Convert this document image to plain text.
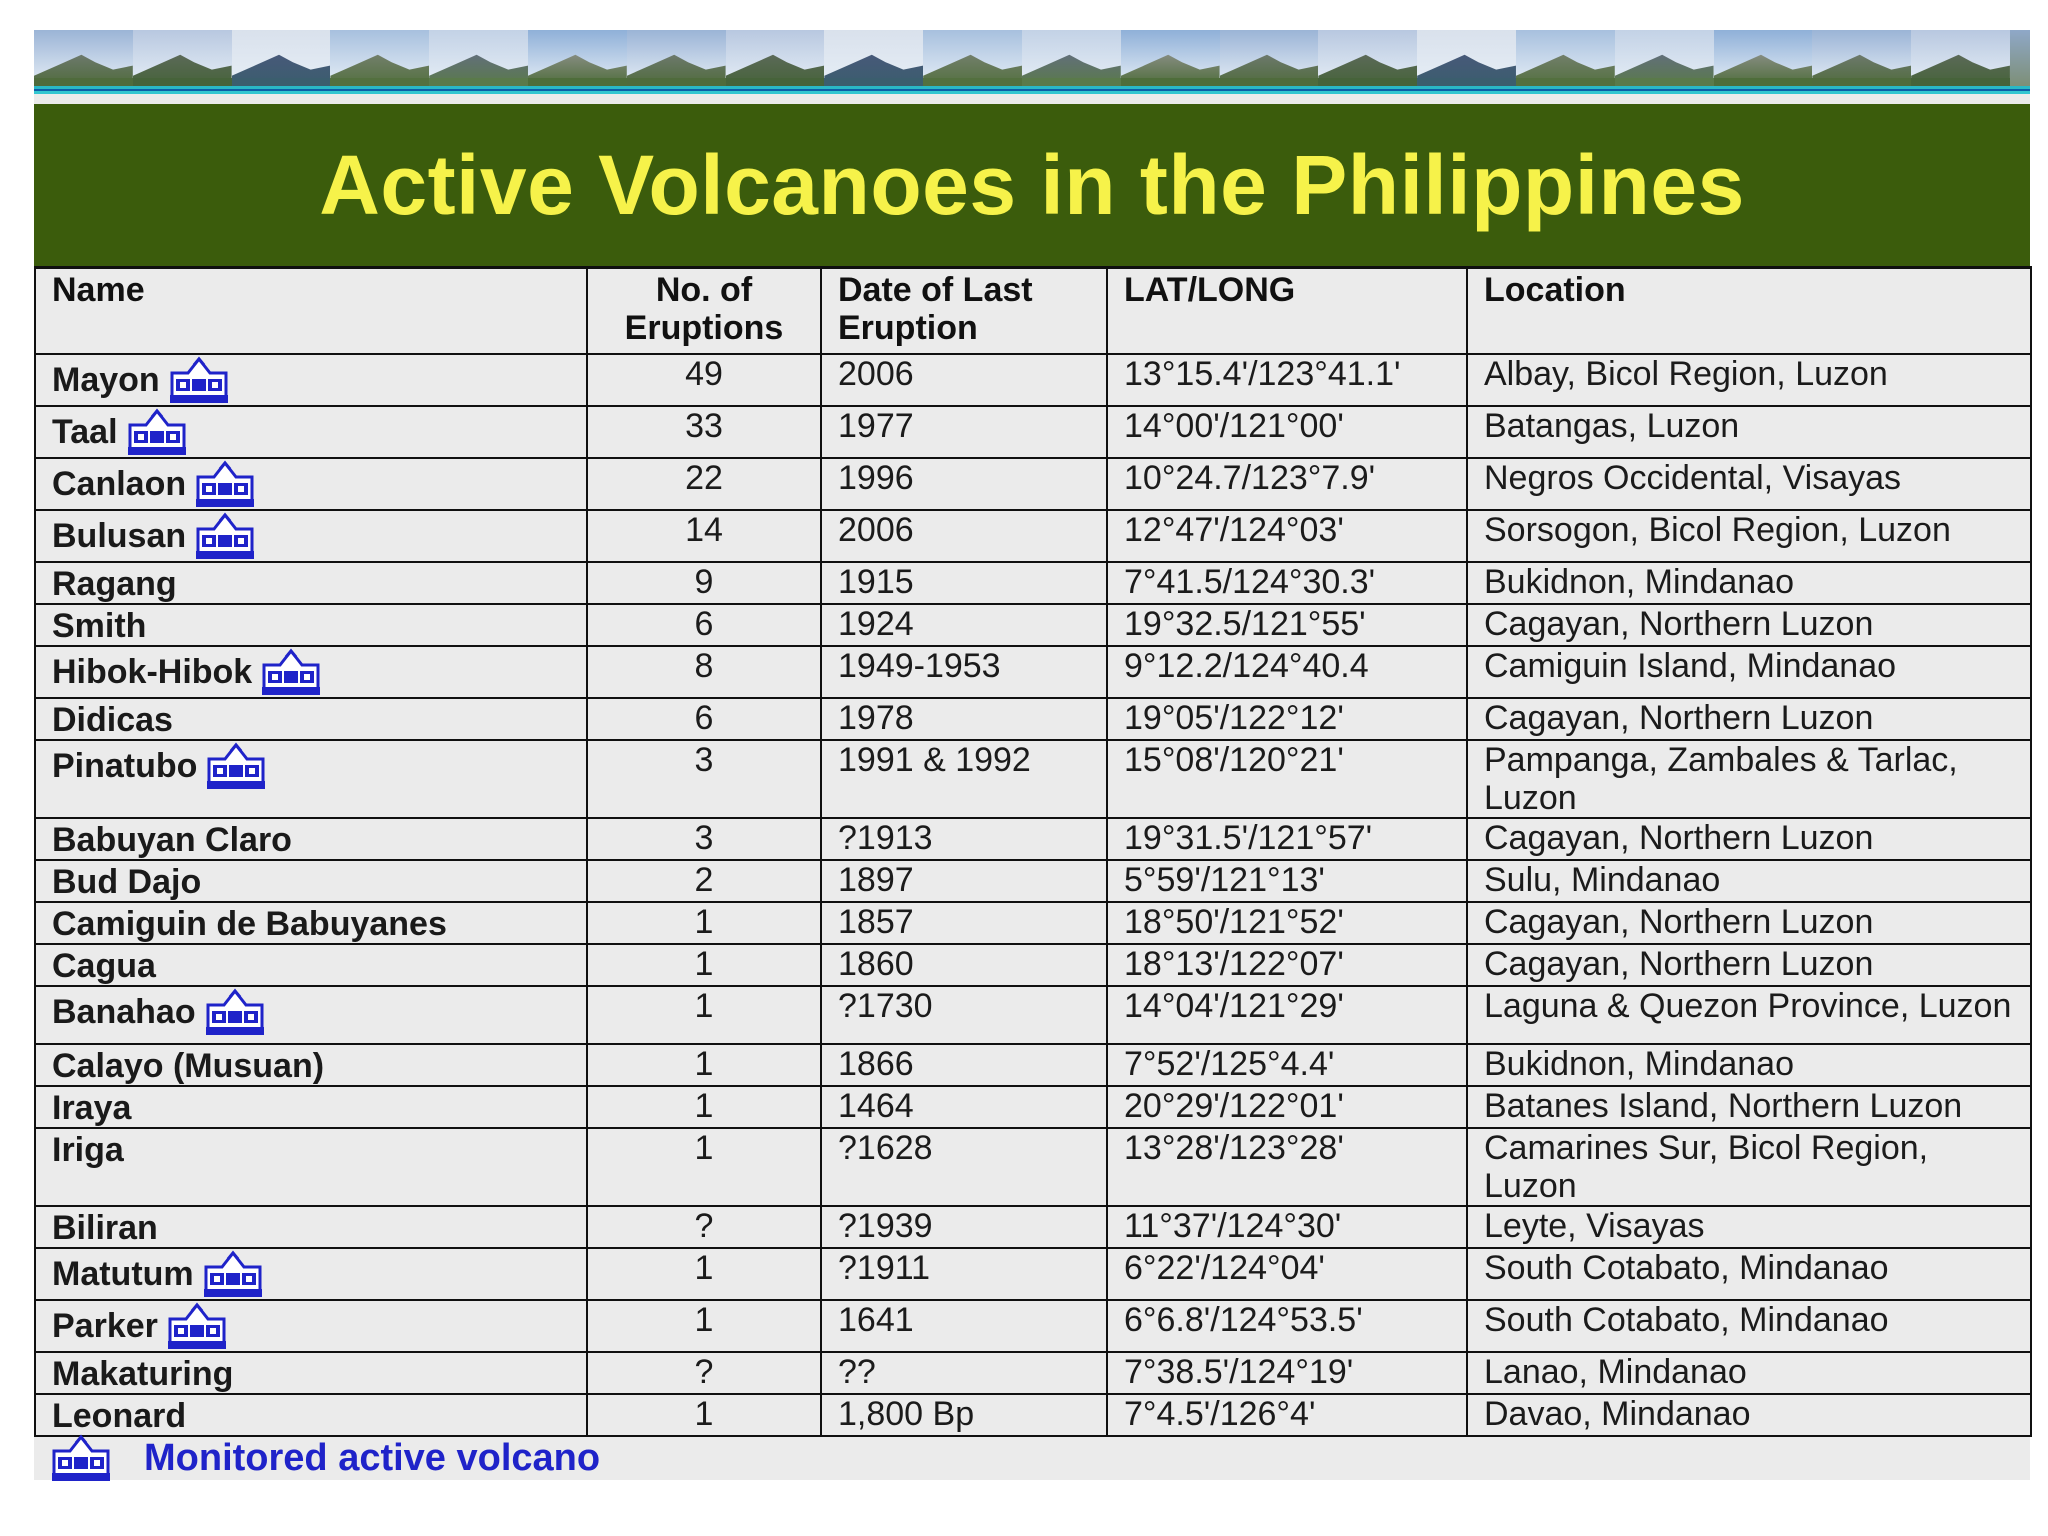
Active Volcanoes in the Philippines
Name	No. of Eruptions	Date of Last Eruption	LAT/LONG	Location
Mayon	49	2006	13°15.4'/123°41.1'	Albay, Bicol Region, Luzon
Taal	33	1977	14°00'/121°00'	Batangas, Luzon
Canlaon	22	1996	10°24.7/123°7.9'	Negros Occidental, Visayas
Bulusan	14	2006	12°47'/124°03'	Sorsogon, Bicol Region, Luzon
Ragang	9	1915	7°41.5/124°30.3'	Bukidnon, Mindanao
Smith	6	1924	19°32.5/121°55'	Cagayan, Northern Luzon
Hibok-Hibok	8	1949-1953	9°12.2/124°40.4	Camiguin Island, Mindanao
Didicas	6	1978	19°05'/122°12'	Cagayan, Northern Luzon
Pinatubo	3	1991 & 1992	15°08'/120°21'	Pampanga, Zambales & Tarlac, Luzon
Babuyan Claro	3	?1913	19°31.5'/121°57'	Cagayan, Northern Luzon
Bud Dajo	2	1897	5°59'/121°13'	Sulu, Mindanao
Camiguin de Babuyanes	1	1857	18°50'/121°52'	Cagayan, Northern Luzon
Cagua	1	1860	18°13'/122°07'	Cagayan, Northern Luzon
Banahao	1	?1730	14°04'/121°29'	Laguna & Quezon Province, Luzon
Calayo (Musuan)	1	1866	7°52'/125°4.4'	Bukidnon, Mindanao
Iraya	1	1464	20°29'/122°01'	Batanes Island, Northern Luzon
Iriga	1	?1628	13°28'/123°28'	Camarines Sur, Bicol Region, Luzon
Biliran	?	?1939	11°37'/124°30'	Leyte, Visayas
Matutum	1	?1911	6°22'/124°04'	South Cotabato, Mindanao
Parker	1	1641	6°6.8'/124°53.5'	South Cotabato, Mindanao
Makaturing	?	??	7°38.5'/124°19'	Lanao, Mindanao
Leonard	1	1,800 Bp	7°4.5'/126°4'	Davao, Mindanao
Monitored active volcano
